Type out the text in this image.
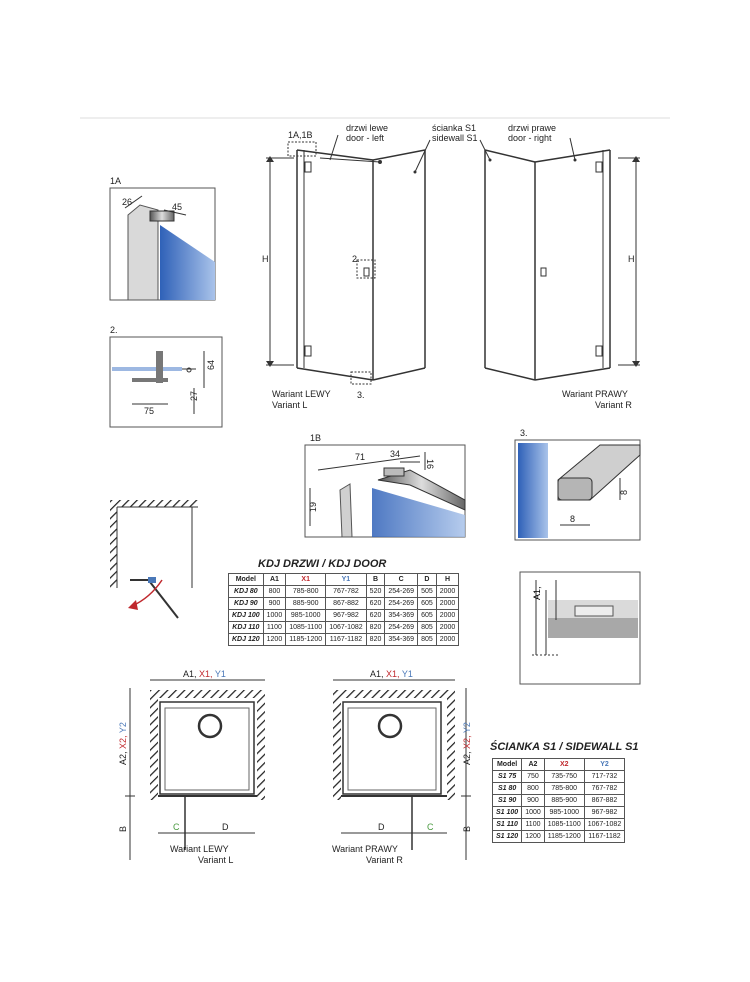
H
1A,1B
drzwi lewe
door - left
ścianka S1
sidewall S1
2.
3.
Wariant LEWY
Variant L
H
drzwi prawe
door - right
Wariant PRAWY
Variant R
1A
26	45
2.
64
27
75
1B
71	34
16
19
3.
8
8
A1,
C	D
B
A1, X1, Y1
A2, X2, Y2
Wariant LEWY
Variant L
D	C	B
A1, X1, Y1
A2, X2, Y2
Wariant PRAWY
Variant R
KDJ DRZWI / KDJ DOOR
Model	A1	X1	Y1	B	C	D	H
KDJ 80	800	785-800	767-782	520	254-269	505	2000
KDJ 90	900	885-900	867-882	620	254-269	605	2000
KDJ 100	1000	985-1000	967-982	620	354-369	605	2000
KDJ 110	1100	1085-1100	1067-1082	820	254-269	805	2000
KDJ 120	1200	1185-1200	1167-1182	820	354-369	805	2000
ŚCIANKA S1 / SIDEWALL S1
Model	A2	X2	Y2
S1 75	750	735-750	717-732
S1 80	800	785-800	767-782
S1 90	900	885-900	867-882
S1 100	1000	985-1000	967-982
S1 110	1100	1085-1100	1067-1082
S1 120	1200	1185-1200	1167-1182
